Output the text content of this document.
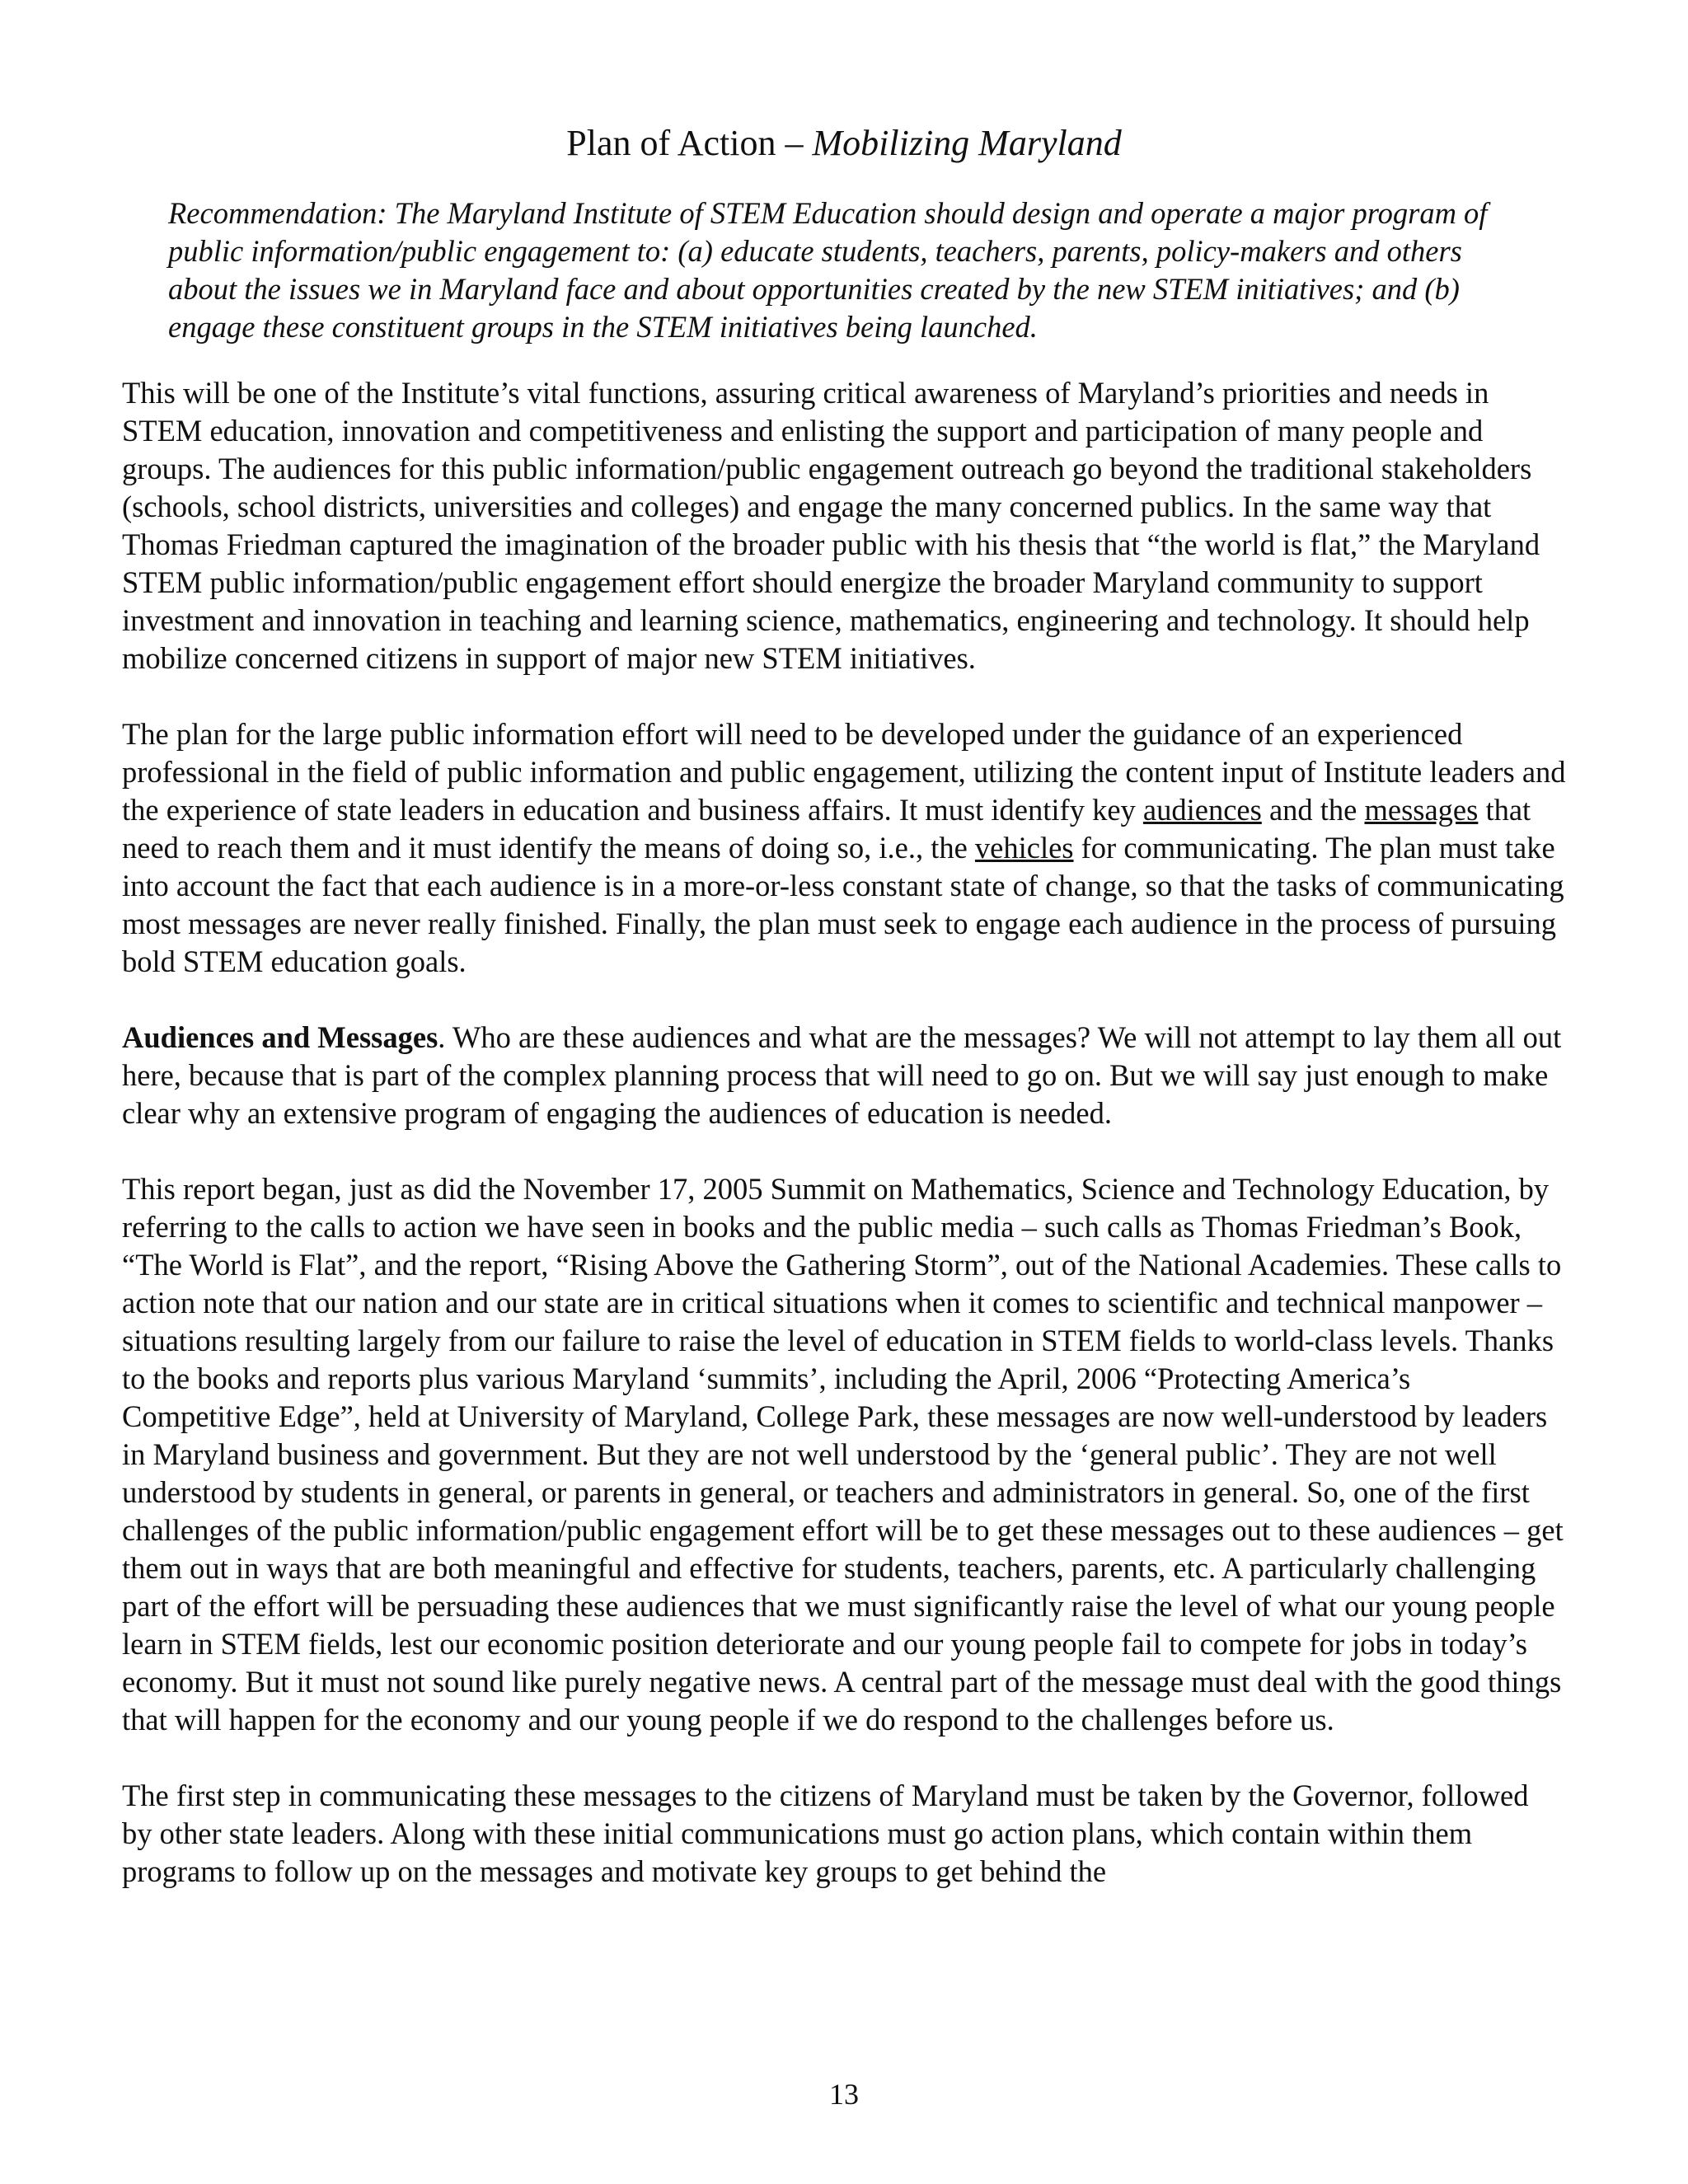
Plan of Action – Mobilizing Maryland
Recommendation: The Maryland Institute of STEM Education should design and operate a major program of public information/public engagement to: (a) educate students, teachers, parents, policy-makers and others about the issues we in Maryland face and about opportunities created by the new STEM initiatives; and (b) engage these constituent groups in the STEM initiatives being launched.

This will be one of the Institute’s vital functions, assuring critical awareness of Maryland’s priorities and needs in STEM education, innovation and competitiveness and enlisting the support and participation of many people and groups. The audiences for this public information/public engagement outreach go beyond the traditional stakeholders (schools, school districts, universities and colleges) and engage the many concerned publics. In the same way that Thomas Friedman captured the imagination of the broader public with his thesis that “the world is flat,” the Maryland STEM public information/public engagement effort should energize the broader Maryland community to support investment and innovation in teaching and learning science, mathematics, engineering and technology. It should help mobilize concerned citizens in support of major new STEM initiatives.

The plan for the large public information effort will need to be developed under the guidance of an experienced professional in the field of public information and public engagement, utilizing the content input of Institute leaders and the experience of state leaders in education and business affairs. It must identify key audiences and the messages that need to reach them and it must identify the means of doing so, i.e., the vehicles for communicating. The plan must take into account the fact that each audience is in a more-or-less constant state of change, so that the tasks of communicating most messages are never really finished. Finally, the plan must seek to engage each audience in the process of pursuing bold STEM education goals.

Audiences and Messages. Who are these audiences and what are the messages? We will not attempt to lay them all out here, because that is part of the complex planning process that will need to go on. But we will say just enough to make clear why an extensive program of engaging the audiences of education is needed.

This report began, just as did the November 17, 2005 Summit on Mathematics, Science and Technology Education, by referring to the calls to action we have seen in books and the public media – such calls as Thomas Friedman’s Book, “The World is Flat”, and the report, “Rising Above the Gathering Storm”, out of the National Academies. These calls to action note that our nation and our state are in critical situations when it comes to scientific and technical manpower – situations resulting largely from our failure to raise the level of education in STEM fields to world-class levels. Thanks to the books and reports plus various Maryland ‘summits’, including the April, 2006 “Protecting America’s Competitive Edge”, held at University of Maryland, College Park, these messages are now well-understood by leaders in Maryland business and government. But they are not well understood by the ‘general public’. They are not well understood by students in general, or parents in general, or teachers and administrators in general. So, one of the first challenges of the public information/public engagement effort will be to get these messages out to these audiences – get them out in ways that are both meaningful and effective for students, teachers, parents, etc. A particularly challenging part of the effort will be persuading these audiences that we must significantly raise the level of what our young people learn in STEM fields, lest our economic position deteriorate and our young people fail to compete for jobs in today’s economy. But it must not sound like purely negative news. A central part of the message must deal with the good things that will happen for the economy and our young people if we do respond to the challenges before us.

The first step in communicating these messages to the citizens of Maryland must be taken by the Governor, followed by other state leaders. Along with these initial communications must go action plans, which contain within them programs to follow up on the messages and motivate key groups to get behind the

13
